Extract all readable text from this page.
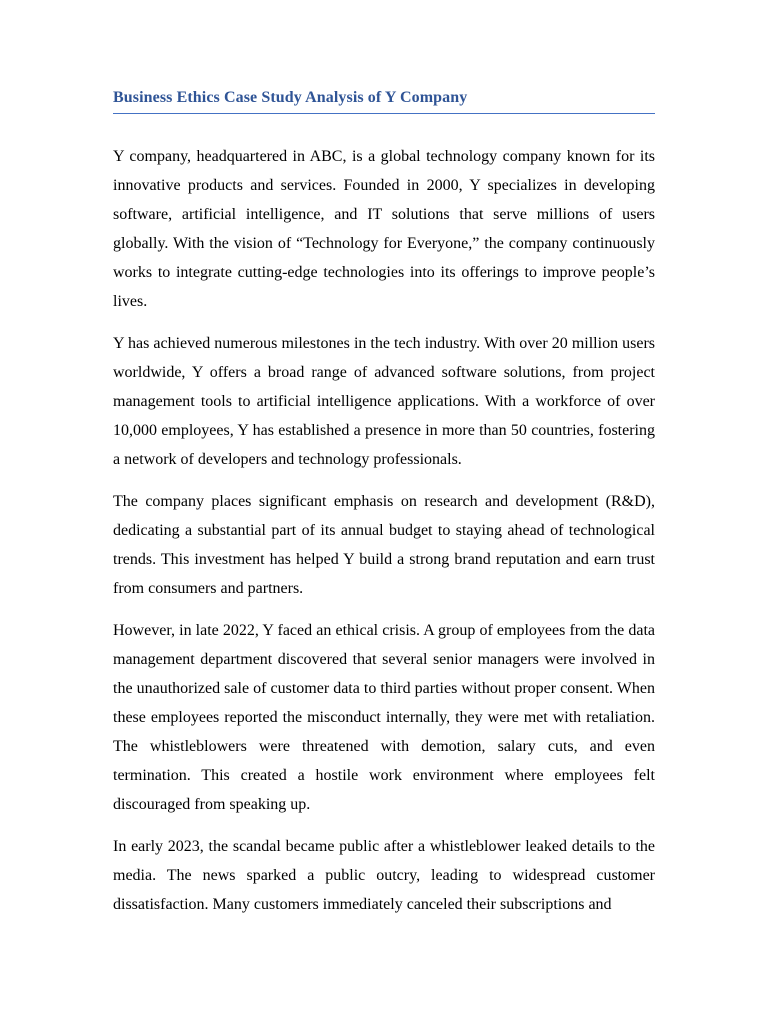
Business Ethics Case Study Analysis of Y Company

Y company, headquartered in ABC, is a global technology company known for its innovative products and services. Founded in 2000, Y specializes in developing software, artificial intelligence, and IT solutions that serve millions of users globally. With the vision of “Technology for Everyone,” the company continuously works to integrate cutting-edge technologies into its offerings to improve people’s lives.

Y has achieved numerous milestones in the tech industry. With over 20 million users worldwide, Y offers a broad range of advanced software solutions, from project management tools to artificial intelligence applications. With a workforce of over 10,000 employees, Y has established a presence in more than 50 countries, fostering a network of developers and technology professionals.

The company places significant emphasis on research and development (R&D), dedicating a substantial part of its annual budget to staying ahead of technological trends. This investment has helped Y build a strong brand reputation and earn trust from consumers and partners.

However, in late 2022, Y faced an ethical crisis. A group of employees from the data management department discovered that several senior managers were involved in the unauthorized sale of customer data to third parties without proper consent. When these employees reported the misconduct internally, they were met with retaliation. The whistleblowers were threatened with demotion, salary cuts, and even termination. This created a hostile work environment where employees felt discouraged from speaking up.

In early 2023, the scandal became public after a whistleblower leaked details to the media. The news sparked a public outcry, leading to widespread customer dissatisfaction. Many customers immediately canceled their subscriptions and
